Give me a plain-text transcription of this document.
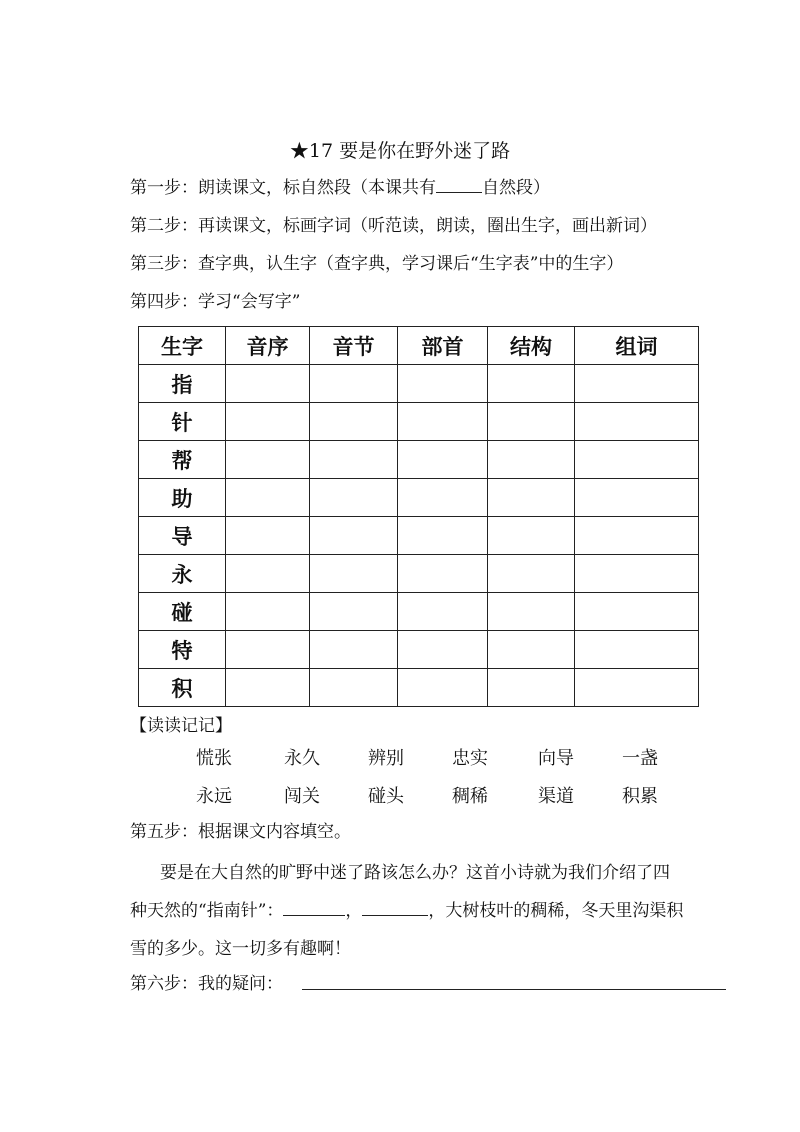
★17 要是你在野外迷了路
第一步：朗读课文，标自然段（本课共有	自然段）
第二步：再读课文，标画字词（听范读，朗读，圈出生字，画出新词）
第三步：查字典，认生字（查字典，学习课后“生字表”中的生字）
第四步：学习“会写字”
生字	音序	音节	部首	结构	组词
指					
针					
帮					
助					
导					
永					
碰					
特					
积					
【读读记记】
慌张	永久	辨别	忠实	向导	一盏
永远	闯关	碰头	稠稀	渠道	积累
第五步：根据课文内容填空。
要是在大自然的旷野中迷了路该怎么办？这首小诗就为我们介绍了四
种天然的“指南针”：	，	，大树枝叶的稠稀，冬天里沟渠积
雪的多少。这一切多有趣啊！
第六步：我的疑问：
